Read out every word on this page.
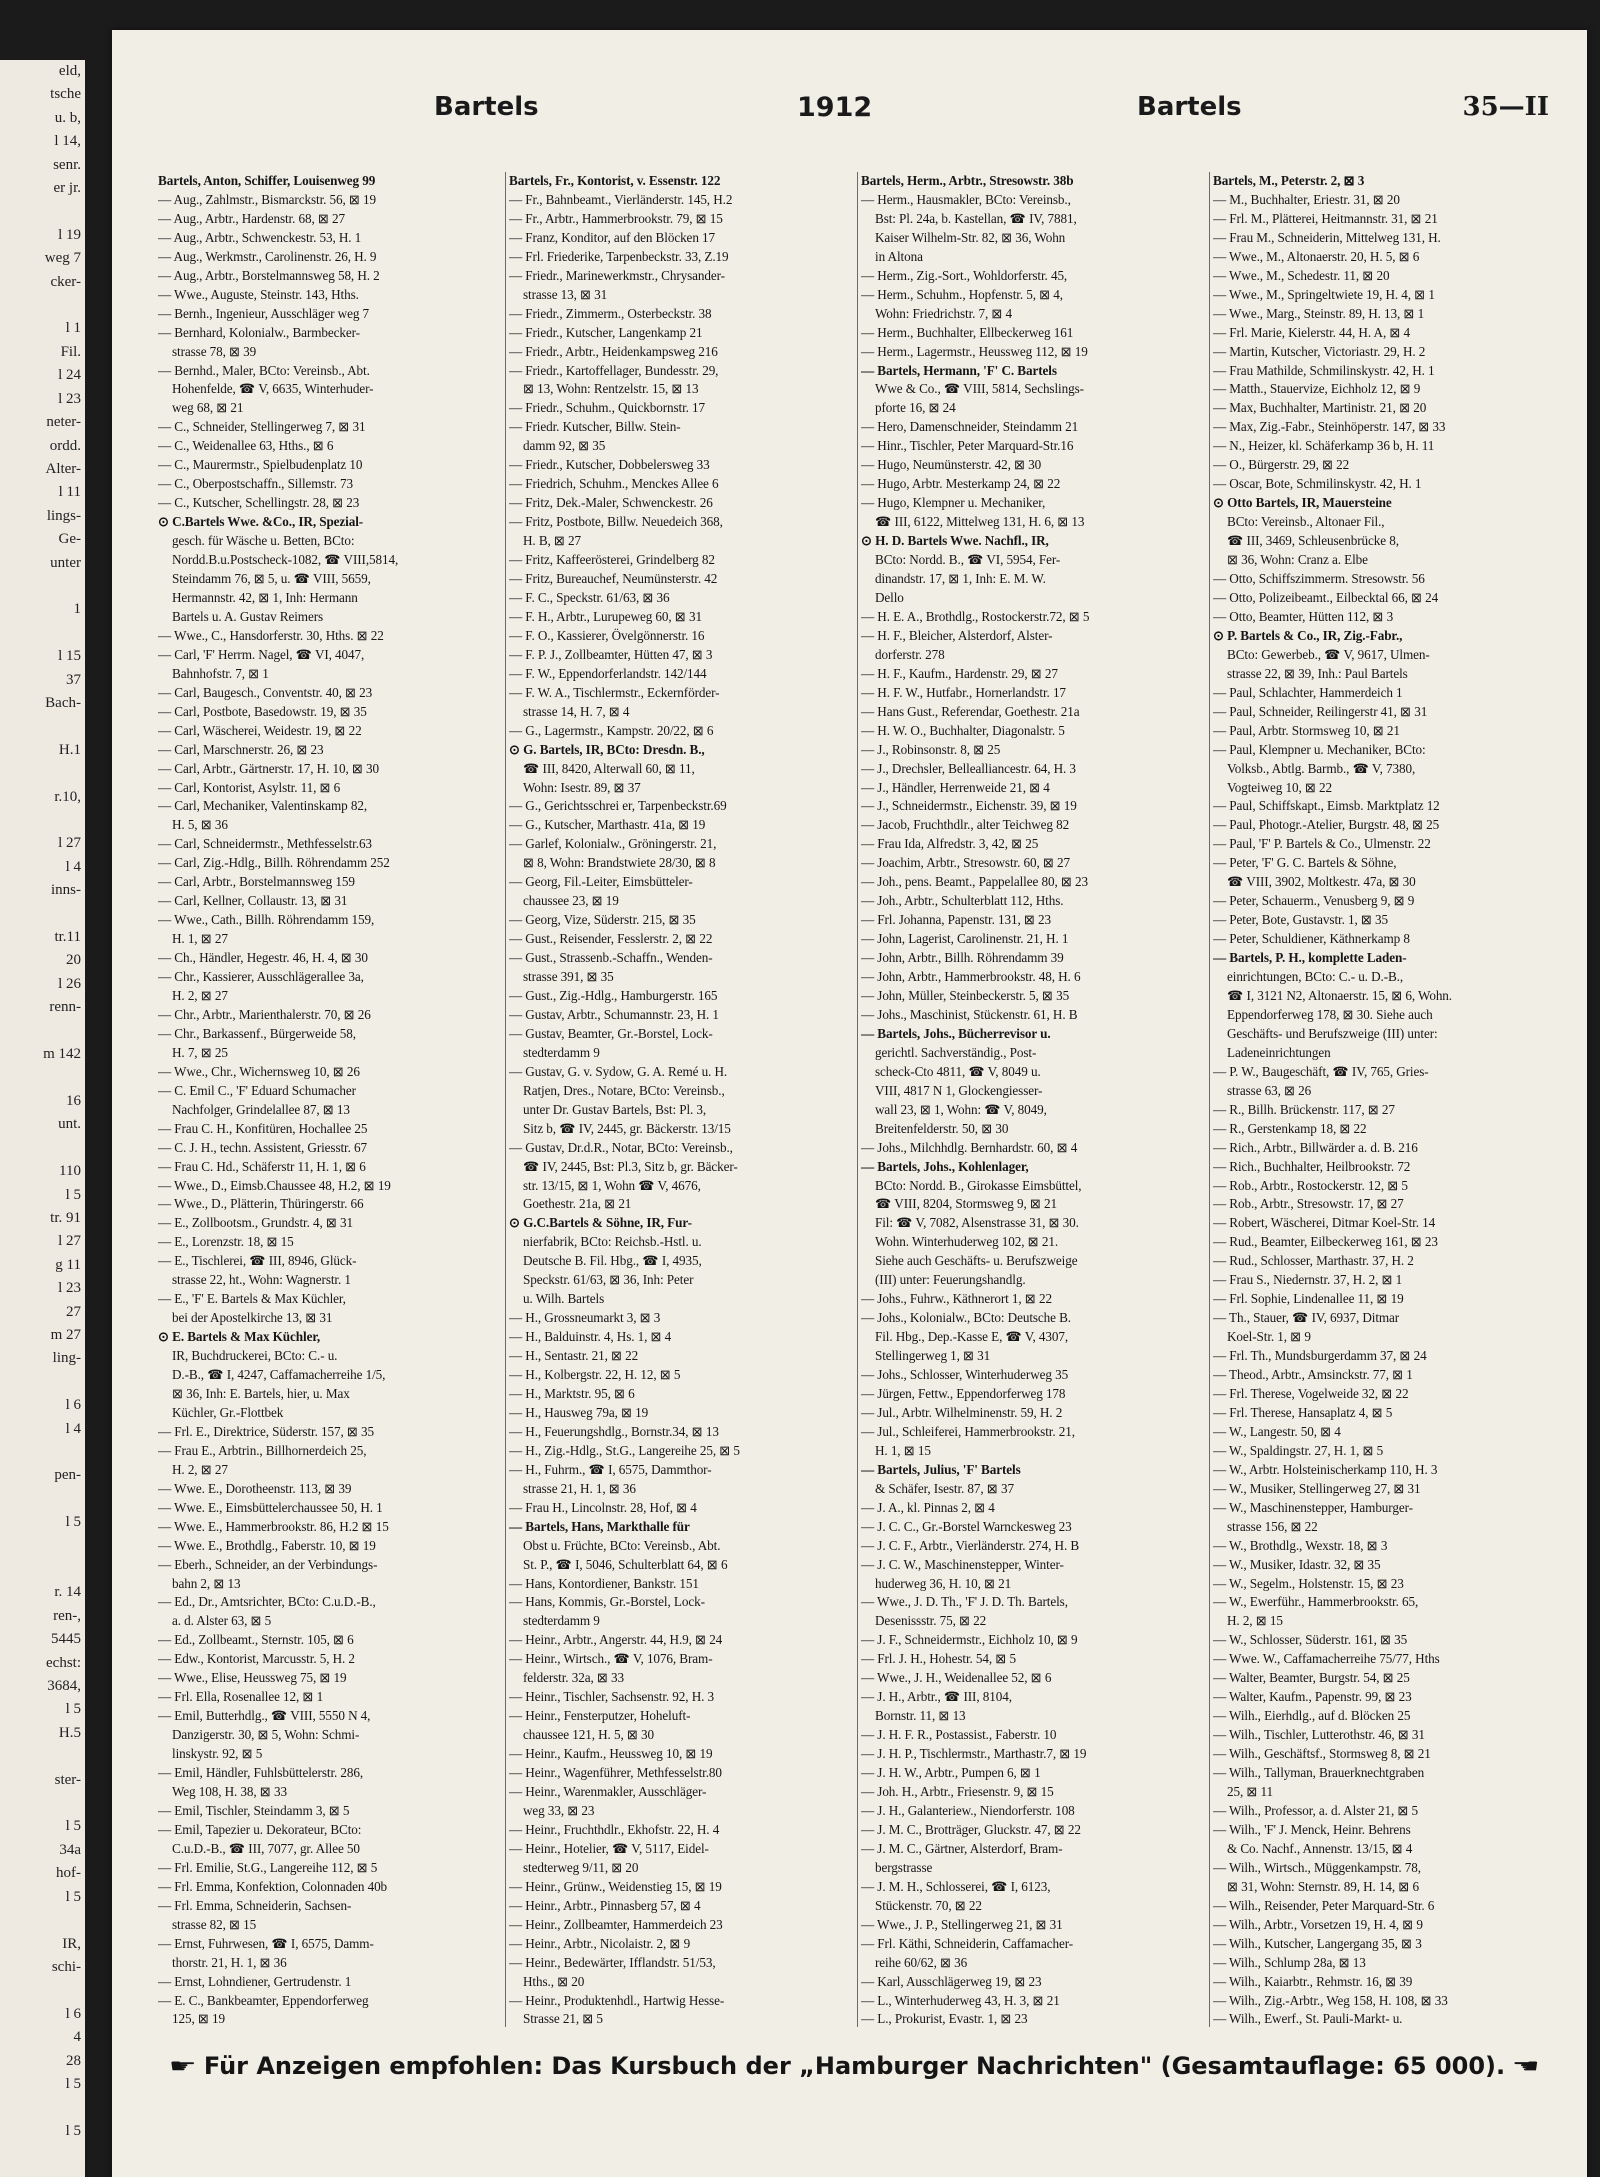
eld,
tsche
u. b,
l 14,
senr.
er jr.

l 19
weg 7
cker-

l 1
Fil.
l 24
l 23
neter-
ordd.
Alter-
l 11
lings-
Ge-
unter

1

l 15
37
Bach-

H.1

r.10,

l 27
l 4
inns-

tr.11
20
l 26
renn-

m 142

16
unt.

110
l 5
tr. 91
l 27
g 11
l 23
27
m 27
ling-

l 6
l 4

pen-

l 5

r. 14
ren-,
5445
echst:
3684,
l 5
H.5

ster-

l 5
34a
hof-
l 5

IR,
schi-

l 6
4
28
l 5

l 5

Bartels	1912	Bartels	35—II
Bartels, Anton, Schiffer, Louisenweg 99
— Aug., Zahlmstr., Bismarckstr. 56, ⊠ 19
— Aug., Arbtr., Hardenstr. 68, ⊠ 27
— Aug., Arbtr., Schwenckestr. 53, H. 1
— Aug., Werkmstr., Carolinenstr. 26, H. 9
— Aug., Arbtr., Borstelmannsweg 58, H. 2
— Wwe., Auguste, Steinstr. 143, Hths.
— Bernh., Ingenieur, Ausschläger weg 7
— Bernhard, Kolonialw., Barmbecker-
strasse 78, ⊠ 39
— Bernhd., Maler, BCto: Vereinsb., Abt.
Hohenfelde, ☎ V, 6635, Winterhuder-
weg 68, ⊠ 21
— C., Schneider, Stellingerweg 7, ⊠ 31
— C., Weidenallee 63, Hths., ⊠ 6
— C., Maurermstr., Spielbudenplatz 10
— C., Oberpostschaffn., Sillemstr. 73
— C., Kutscher, Schellingstr. 28, ⊠ 23
⊙ C.Bartels Wwe. &Co., IR, Spezial-
gesch. für Wäsche u. Betten, BCto:
Nordd.B.u.Postscheck-1082, ☎ VIII,5814,
Steindamm 76, ⊠ 5, u. ☎ VIII, 5659,
Hermannstr. 42, ⊠ 1, Inh: Hermann
Bartels u. A. Gustav Reimers
— Wwe., C., Hansdorferstr. 30, Hths. ⊠ 22
— Carl, 'F' Herrm. Nagel, ☎ VI, 4047,
Bahnhofstr. 7, ⊠ 1
— Carl, Baugesch., Conventstr. 40, ⊠ 23
— Carl, Postbote, Basedowstr. 19, ⊠ 35
— Carl, Wäscherei, Weidestr. 19, ⊠ 22
— Carl, Marschnerstr. 26, ⊠ 23
— Carl, Arbtr., Gärtnerstr. 17, H. 10, ⊠ 30
— Carl, Kontorist, Asylstr. 11, ⊠ 6
— Carl, Mechaniker, Valentinskamp 82,
H. 5, ⊠ 36
— Carl, Schneidermstr., Methfesselstr.63
— Carl, Zig.-Hdlg., Billh. Röhrendamm 252
— Carl, Arbtr., Borstelmannsweg 159
— Carl, Kellner, Collaustr. 13, ⊠ 31
— Wwe., Cath., Billh. Röhrendamm 159,
H. 1, ⊠ 27
— Ch., Händler, Hegestr. 46, H. 4, ⊠ 30
— Chr., Kassierer, Ausschlägerallee 3a,
H. 2, ⊠ 27
— Chr., Arbtr., Marienthalerstr. 70, ⊠ 26
— Chr., Barkassenf., Bürgerweide 58,
H. 7, ⊠ 25
— Wwe., Chr., Wichernsweg 10, ⊠ 26
— C. Emil C., 'F' Eduard Schumacher
Nachfolger, Grindelallee 87, ⊠ 13
— Frau C. H., Konfitüren, Hochallee 25
— C. J. H., techn. Assistent, Griesstr. 67
— Frau C. Hd., Schäferstr 11, H. 1, ⊠ 6
— Wwe., D., Eimsb.Chaussee 48, H.2, ⊠ 19
— Wwe., D., Plätterin, Thüringerstr. 66
— E., Zollbootsm., Grundstr. 4, ⊠ 31
— E., Lorenzstr. 18, ⊠ 15
— E., Tischlerei, ☎ III, 8946, Glück-
strasse 22, ht., Wohn: Wagnerstr. 1
— E., 'F' E. Bartels & Max Küchler,
bei der Apostelkirche 13, ⊠ 31
⊙ E. Bartels & Max Küchler,
IR, Buchdruckerei, BCto: C.- u.
D.-B., ☎ I, 4247, Caffamacherreihe 1/5,
⊠ 36, Inh: E. Bartels, hier, u. Max
Küchler, Gr.-Flottbek
— Frl. E., Direktrice, Süderstr. 157, ⊠ 35
— Frau E., Arbtrin., Billhornerdeich 25,
H. 2, ⊠ 27
— Wwe. E., Dorotheenstr. 113, ⊠ 39
— Wwe. E., Eimsbüttelerchaussee 50, H. 1
— Wwe. E., Hammerbrookstr. 86, H.2 ⊠ 15
— Wwe. E., Brothdlg., Faberstr. 10, ⊠ 19
— Eberh., Schneider, an der Verbindungs-
bahn 2, ⊠ 13
— Ed., Dr., Amtsrichter, BCto: C.u.D.-B.,
a. d. Alster 63, ⊠ 5
— Ed., Zollbeamt., Sternstr. 105, ⊠ 6
— Edw., Kontorist, Marcusstr. 5, H. 2
— Wwe., Elise, Heussweg 75, ⊠ 19
— Frl. Ella, Rosenallee 12, ⊠ 1
— Emil, Butterhdlg., ☎ VIII, 5550 N 4,
Danzigerstr. 30, ⊠ 5, Wohn: Schmi-
linskystr. 92, ⊠ 5
— Emil, Händler, Fuhlsbüttelerstr. 286,
Weg 108, H. 38, ⊠ 33
— Emil, Tischler, Steindamm 3, ⊠ 5
— Emil, Tapezier u. Dekorateur, BCto:
C.u.D.-B., ☎ III, 7077, gr. Allee 50
— Frl. Emilie, St.G., Langereihe 112, ⊠ 5
— Frl. Emma, Konfektion, Colonnaden 40b
— Frl. Emma, Schneiderin, Sachsen-
strasse 82, ⊠ 15
— Ernst, Fuhrwesen, ☎ I, 6575, Damm-
thorstr. 21, H. 1, ⊠ 36
— Ernst, Lohndiener, Gertrudenstr. 1
— E. C., Bankbeamter, Eppendorferweg
125, ⊠ 19
Bartels, Fr., Kontorist, v. Essenstr. 122
— Fr., Bahnbeamt., Vierländerstr. 145, H.2
— Fr., Arbtr., Hammerbrookstr. 79, ⊠ 15
— Franz, Konditor, auf den Blöcken 17
— Frl. Friederike, Tarpenbeckstr. 33, Z.19
— Friedr., Marinewerkmstr., Chrysander-
strasse 13, ⊠ 31
— Friedr., Zimmerm., Osterbeckstr. 38
— Friedr., Kutscher, Langenkamp 21
— Friedr., Arbtr., Heidenkampsweg 216
— Friedr., Kartoffellager, Bundesstr. 29,
⊠ 13, Wohn: Rentzelstr. 15, ⊠ 13
— Friedr., Schuhm., Quickbornstr. 17
— Friedr. Kutscher, Billw. Stein-
damm 92, ⊠ 35
— Friedr., Kutscher, Dobbelersweg 33
— Friedrich, Schuhm., Menckes Allee 6
— Fritz, Dek.-Maler, Schwenckestr. 26
— Fritz, Postbote, Billw. Neuedeich 368,
H. B, ⊠ 27
— Fritz, Kaffeerösterei, Grindelberg 82
— Fritz, Bureauchef, Neumünsterstr. 42
— F. C., Speckstr. 61/63, ⊠ 36
— F. H., Arbtr., Lurupeweg 60, ⊠ 31
— F. O., Kassierer, Övelgönnerstr. 16
— F. P. J., Zollbeamter, Hütten 47, ⊠ 3
— F. W., Eppendorferlandstr. 142/144
— F. W. A., Tischlermstr., Eckernförder-
strasse 14, H. 7, ⊠ 4
— G., Lagermstr., Kampstr. 20/22, ⊠ 6
⊙ G. Bartels, IR, BCto: Dresdn. B.,
☎ III, 8420, Alterwall 60, ⊠ 11,
Wohn: Isestr. 89, ⊠ 37
— G., Gerichtsschrei er, Tarpenbeckstr.69
— G., Kutscher, Marthastr. 41a, ⊠ 19
— Garlef, Kolonialw., Gröningerstr. 21,
⊠ 8, Wohn: Brandstwiete 28/30, ⊠ 8
— Georg, Fil.-Leiter, Eimsbütteler-
chaussee 23, ⊠ 19
— Georg, Vize, Süderstr. 215, ⊠ 35
— Gust., Reisender, Fesslerstr. 2, ⊠ 22
— Gust., Strassenb.-Schaffn., Wenden-
strasse 391, ⊠ 35
— Gust., Zig.-Hdlg., Hamburgerstr. 165
— Gustav, Arbtr., Schumannstr. 23, H. 1
— Gustav, Beamter, Gr.-Borstel, Lock-
stedterdamm 9
— Gustav, G. v. Sydow, G. A. Remé u. H.
Ratjen, Dres., Notare, BCto: Vereinsb.,
unter Dr. Gustav Bartels, Bst: Pl. 3,
Sitz b, ☎ IV, 2445, gr. Bäckerstr. 13/15
— Gustav, Dr.d.R., Notar, BCto: Vereinsb.,
☎ IV, 2445, Bst: Pl.3, Sitz b, gr. Bäcker-
str. 13/15, ⊠ 1, Wohn ☎ V, 4676,
Goethestr. 21a, ⊠ 21
⊙ G.C.Bartels & Söhne, IR, Fur-
nierfabrik, BCto: Reichsb.-Hstl. u.
Deutsche B. Fil. Hbg., ☎ I, 4935,
Speckstr. 61/63, ⊠ 36, Inh: Peter
u. Wilh. Bartels
— H., Grossneumarkt 3, ⊠ 3
— H., Balduinstr. 4, Hs. 1, ⊠ 4
— H., Sentastr. 21, ⊠ 22
— H., Kolbergstr. 22, H. 12, ⊠ 5
— H., Marktstr. 95, ⊠ 6
— H., Hausweg 79a, ⊠ 19
— H., Feuerungshdlg., Bornstr.34, ⊠ 13
— H., Zig.-Hdlg., St.G., Langereihe 25, ⊠ 5
— H., Fuhrm., ☎ I, 6575, Dammthor-
strasse 21, H. 1, ⊠ 36
— Frau H., Lincolnstr. 28, Hof, ⊠ 4
— Bartels, Hans, Markthalle für
Obst u. Früchte, BCto: Vereinsb., Abt.
St. P., ☎ I, 5046, Schulterblatt 64, ⊠ 6
— Hans, Kontordiener, Bankstr. 151
— Hans, Kommis, Gr.-Borstel, Lock-
stedterdamm 9
— Heinr., Arbtr., Angerstr. 44, H.9, ⊠ 24
— Heinr., Wirtsch., ☎ V, 1076, Bram-
felderstr. 32a, ⊠ 33
— Heinr., Tischler, Sachsenstr. 92, H. 3
— Heinr., Fensterputzer, Hoheluft-
chaussee 121, H. 5, ⊠ 30
— Heinr., Kaufm., Heussweg 10, ⊠ 19
— Heinr., Wagenführer, Methfesselstr.80
— Heinr., Warenmakler, Ausschläger-
weg 33, ⊠ 23
— Heinr., Fruchthdlr., Ekhofstr. 22, H. 4
— Heinr., Hotelier, ☎ V, 5117, Eidel-
stedterweg 9/11, ⊠ 20
— Heinr., Grünw., Weidenstieg 15, ⊠ 19
— Heinr., Arbtr., Pinnasberg 57, ⊠ 4
— Heinr., Zollbeamter, Hammerdeich 23
— Heinr., Arbtr., Nicolaistr. 2, ⊠ 9
— Heinr., Bedewärter, Ifflandstr. 51/53,
Hths., ⊠ 20
— Heinr., Produktenhdl., Hartwig Hesse-
Strasse 21, ⊠ 5
Bartels, Herm., Arbtr., Stresowstr. 38b
— Herm., Hausmakler, BCto: Vereinsb.,
Bst: Pl. 24a, b. Kastellan, ☎ IV, 7881,
Kaiser Wilhelm-Str. 82, ⊠ 36, Wohn
in Altona
— Herm., Zig.-Sort., Wohldorferstr. 45,
— Herm., Schuhm., Hopfenstr. 5, ⊠ 4,
Wohn: Friedrichstr. 7, ⊠ 4
— Herm., Buchhalter, Ellbeckerweg 161
— Herm., Lagermstr., Heussweg 112, ⊠ 19
— Bartels, Hermann, 'F' C. Bartels
Wwe & Co., ☎ VIII, 5814, Sechslings-
pforte 16, ⊠ 24
— Hero, Damenschneider, Steindamm 21
— Hinr., Tischler, Peter Marquard-Str.16
— Hugo, Neumünsterstr. 42, ⊠ 30
— Hugo, Arbtr. Mesterkamp 24, ⊠ 22
— Hugo, Klempner u. Mechaniker,
☎ III, 6122, Mittelweg 131, H. 6, ⊠ 13
⊙ H. D. Bartels Wwe. Nachfl., IR,
BCto: Nordd. B., ☎ VI, 5954, Fer-
dinandstr. 17, ⊠ 1, Inh: E. M. W.
Dello
— H. E. A., Brothdlg., Rostockerstr.72, ⊠ 5
— H. F., Bleicher, Alsterdorf, Alster-
dorferstr. 278
— H. F., Kaufm., Hardenstr. 29, ⊠ 27
— H. F. W., Hutfabr., Hornerlandstr. 17
— Hans Gust., Referendar, Goethestr. 21a
— H. W. O., Buchhalter, Diagonalstr. 5
— J., Robinsonstr. 8, ⊠ 25
— J., Drechsler, Bellealliancestr. 64, H. 3
— J., Händler, Herrenweide 21, ⊠ 4
— J., Schneidermstr., Eichenstr. 39, ⊠ 19
— Jacob, Fruchthdlr., alter Teichweg 82
— Frau Ida, Alfredstr. 3, 42, ⊠ 25
— Joachim, Arbtr., Stresowstr. 60, ⊠ 27
— Joh., pens. Beamt., Pappelallee 80, ⊠ 23
— Joh., Arbtr., Schulterblatt 112, Hths.
— Frl. Johanna, Papenstr. 131, ⊠ 23
— John, Lagerist, Carolinenstr. 21, H. 1
— John, Arbtr., Billh. Röhrendamm 39
— John, Arbtr., Hammerbrookstr. 48, H. 6
— John, Müller, Steinbeckerstr. 5, ⊠ 35
— Johs., Maschinist, Stückenstr. 61, H. B
— Bartels, Johs., Bücherrevisor u.
gerichtl. Sachverständig., Post-
scheck-Cto 4811, ☎ V, 8049 u.
VIII, 4817 N 1, Glockengiesser-
wall 23, ⊠ 1, Wohn: ☎ V, 8049,
Breitenfelderstr. 50, ⊠ 30
— Johs., Milchhdlg. Bernhardstr. 60, ⊠ 4
— Bartels, Johs., Kohlenlager,
BCto: Nordd. B., Girokasse Eimsbüttel,
☎ VIII, 8204, Stormsweg 9, ⊠ 21
Fil: ☎ V, 7082, Alsenstrasse 31, ⊠ 30.
Wohn. Winterhuderweg 102, ⊠ 21.
Siehe auch Geschäfts- u. Berufszweige
(III) unter: Feuerungshandlg.
— Johs., Fuhrw., Käthnerort 1, ⊠ 22
— Johs., Kolonialw., BCto: Deutsche B.
Fil. Hbg., Dep.-Kasse E, ☎ V, 4307,
Stellingerweg 1, ⊠ 31
— Johs., Schlosser, Winterhuderweg 35
— Jürgen, Fettw., Eppendorferweg 178
— Jul., Arbtr. Wilhelminenstr. 59, H. 2
— Jul., Schleiferei, Hammerbrookstr. 21,
H. 1, ⊠ 15
— Bartels, Julius, 'F' Bartels
& Schäfer, Isestr. 87, ⊠ 37
— J. A., kl. Pinnas 2, ⊠ 4
— J. C. C., Gr.-Borstel Warnckesweg 23
— J. C. F., Arbtr., Vierländerstr. 274, H. B
— J. C. W., Maschinenstepper, Winter-
huderweg 36, H. 10, ⊠ 21
— Wwe., J. D. Th., 'F' J. D. Th. Bartels,
Desenissstr. 75, ⊠ 22
— J. F., Schneidermstr., Eichholz 10, ⊠ 9
— Frl. J. H., Hohestr. 54, ⊠ 5
— Wwe., J. H., Weidenallee 52, ⊠ 6
— J. H., Arbtr., ☎ III, 8104,
Bornstr. 11, ⊠ 13
— J. H. F. R., Postassist., Faberstr. 10
— J. H. P., Tischlermstr., Marthastr.7, ⊠ 19
— J. H. W., Arbtr., Pumpen 6, ⊠ 1
— Joh. H., Arbtr., Friesenstr. 9, ⊠ 15
— J. H., Galanteriew., Niendorferstr. 108
— J. M. C., Brotträger, Gluckstr. 47, ⊠ 22
— J. M. C., Gärtner, Alsterdorf, Bram-
bergstrasse
— J. M. H., Schlosserei, ☎ I, 6123,
Stückenstr. 70, ⊠ 22
— Wwe., J. P., Stellingerweg 21, ⊠ 31
— Frl. Käthi, Schneiderin, Caffamacher-
reihe 60/62, ⊠ 36
— Karl, Ausschlägerweg 19, ⊠ 23
— L., Winterhuderweg 43, H. 3, ⊠ 21
— L., Prokurist, Evastr. 1, ⊠ 23
Bartels, M., Peterstr. 2, ⊠ 3
— M., Buchhalter, Eriestr. 31, ⊠ 20
— Frl. M., Plätterei, Heitmannstr. 31, ⊠ 21
— Frau M., Schneiderin, Mittelweg 131, H.
— Wwe., M., Altonaerstr. 20, H. 5, ⊠ 6
— Wwe., M., Schedestr. 11, ⊠ 20
— Wwe., M., Springeltwiete 19, H. 4, ⊠ 1
— Wwe., Marg., Steinstr. 89, H. 13, ⊠ 1
— Frl. Marie, Kielerstr. 44, H. A, ⊠ 4
— Martin, Kutscher, Victoriastr. 29, H. 2
— Frau Mathilde, Schmilinskystr. 42, H. 1
— Matth., Stauervize, Eichholz 12, ⊠ 9
— Max, Buchhalter, Martinistr. 21, ⊠ 20
— Max, Zig.-Fabr., Steinhöperstr. 147, ⊠ 33
— N., Heizer, kl. Schäferkamp 36 b, H. 11
— O., Bürgerstr. 29, ⊠ 22
— Oscar, Bote, Schmilinskystr. 42, H. 1
⊙ Otto Bartels, IR, Mauersteine
BCto: Vereinsb., Altonaer Fil.,
☎ III, 3469, Schleusenbrücke 8,
⊠ 36, Wohn: Cranz a. Elbe
— Otto, Schiffszimmerm. Stresowstr. 56
— Otto, Polizeibeamt., Eilbecktal 66, ⊠ 24
— Otto, Beamter, Hütten 112, ⊠ 3
⊙ P. Bartels & Co., IR, Zig.-Fabr.,
BCto: Gewerbeb., ☎ V, 9617, Ulmen-
strasse 22, ⊠ 39, Inh.: Paul Bartels
— Paul, Schlachter, Hammerdeich 1
— Paul, Schneider, Reilingerstr 41, ⊠ 31
— Paul, Arbtr. Stormsweg 10, ⊠ 21
— Paul, Klempner u. Mechaniker, BCto:
Volksb., Abtlg. Barmb., ☎ V, 7380,
Vogteiweg 10, ⊠ 22
— Paul, Schiffskapt., Eimsb. Marktplatz 12
— Paul, Photogr.-Atelier, Burgstr. 48, ⊠ 25
— Paul, 'F' P. Bartels & Co., Ulmenstr. 22
— Peter, 'F' G. C. Bartels & Söhne,
☎ VIII, 3902, Moltkestr. 47a, ⊠ 30
— Peter, Schauerm., Venusberg 9, ⊠ 9
— Peter, Bote, Gustavstr. 1, ⊠ 35
— Peter, Schuldiener, Käthnerkamp 8
— Bartels, P. H., komplette Laden-
einrichtungen, BCto: C.- u. D.-B.,
☎ I, 3121 N2, Altonaerstr. 15, ⊠ 6, Wohn.
Eppendorferweg 178, ⊠ 30. Siehe auch
Geschäfts- und Berufszweige (III) unter:
Ladeneinrichtungen
— P. W., Baugeschäft, ☎ IV, 765, Gries-
strasse 63, ⊠ 26
— R., Billh. Brückenstr. 117, ⊠ 27
— R., Gerstenkamp 18, ⊠ 22
— Rich., Arbtr., Billwärder a. d. B. 216
— Rich., Buchhalter, Heilbrookstr. 72
— Rob., Arbtr., Rostockerstr. 12, ⊠ 5
— Rob., Arbtr., Stresowstr. 17, ⊠ 27
— Robert, Wäscherei, Ditmar Koel-Str. 14
— Rud., Beamter, Eilbeckerweg 161, ⊠ 23
— Rud., Schlosser, Marthastr. 37, H. 2
— Frau S., Niedernstr. 37, H. 2, ⊠ 1
— Frl. Sophie, Lindenallee 11, ⊠ 19
— Th., Stauer, ☎ IV, 6937, Ditmar
Koel-Str. 1, ⊠ 9
— Frl. Th., Mundsburgerdamm 37, ⊠ 24
— Theod., Arbtr., Amsinckstr. 77, ⊠ 1
— Frl. Therese, Vogelweide 32, ⊠ 22
— Frl. Therese, Hansaplatz 4, ⊠ 5
— W., Langestr. 50, ⊠ 4
— W., Spaldingstr. 27, H. 1, ⊠ 5
— W., Arbtr. Holsteinischerkamp 110, H. 3
— W., Musiker, Stellingerweg 27, ⊠ 31
— W., Maschinenstepper, Hamburger-
strasse 156, ⊠ 22
— W., Brothdlg., Wexstr. 18, ⊠ 3
— W., Musiker, Idastr. 32, ⊠ 35
— W., Segelm., Holstenstr. 15, ⊠ 23
— W., Ewerführ., Hammerbrookstr. 65,
H. 2, ⊠ 15
— W., Schlosser, Süderstr. 161, ⊠ 35
— Wwe. W., Caffamacherreihe 75/77, Hths
— Walter, Beamter, Burgstr. 54, ⊠ 25
— Walter, Kaufm., Papenstr. 99, ⊠ 23
— Wilh., Eierhdlg., auf d. Blöcken 25
— Wilh., Tischler, Lutterothstr. 46, ⊠ 31
— Wilh., Geschäftsf., Stormsweg 8, ⊠ 21
— Wilh., Tallyman, Brauerknechtgraben
25, ⊠ 11
— Wilh., Professor, a. d. Alster 21, ⊠ 5
— Wilh., 'F' J. Menck, Heinr. Behrens
& Co. Nachf., Annenstr. 13/15, ⊠ 4
— Wilh., Wirtsch., Müggenkampstr. 78,
⊠ 31, Wohn: Sternstr. 89, H. 14, ⊠ 6
— Wilh., Reisender, Peter Marquard-Str. 6
— Wilh., Arbtr., Vorsetzen 19, H. 4, ⊠ 9
— Wilh., Kutscher, Langergang 35, ⊠ 3
— Wilh., Schlump 28a, ⊠ 13
— Wilh., Kaiarbtr., Rehmstr. 16, ⊠ 39
— Wilh., Zig.-Arbtr., Weg 158, H. 108, ⊠ 33
— Wilh., Ewerf., St. Pauli-Markt- u.
☛ Für Anzeigen empfohlen: Das Kursbuch der „Hamburger Nachrichten" (Gesamtauflage: 65 000). ☚
